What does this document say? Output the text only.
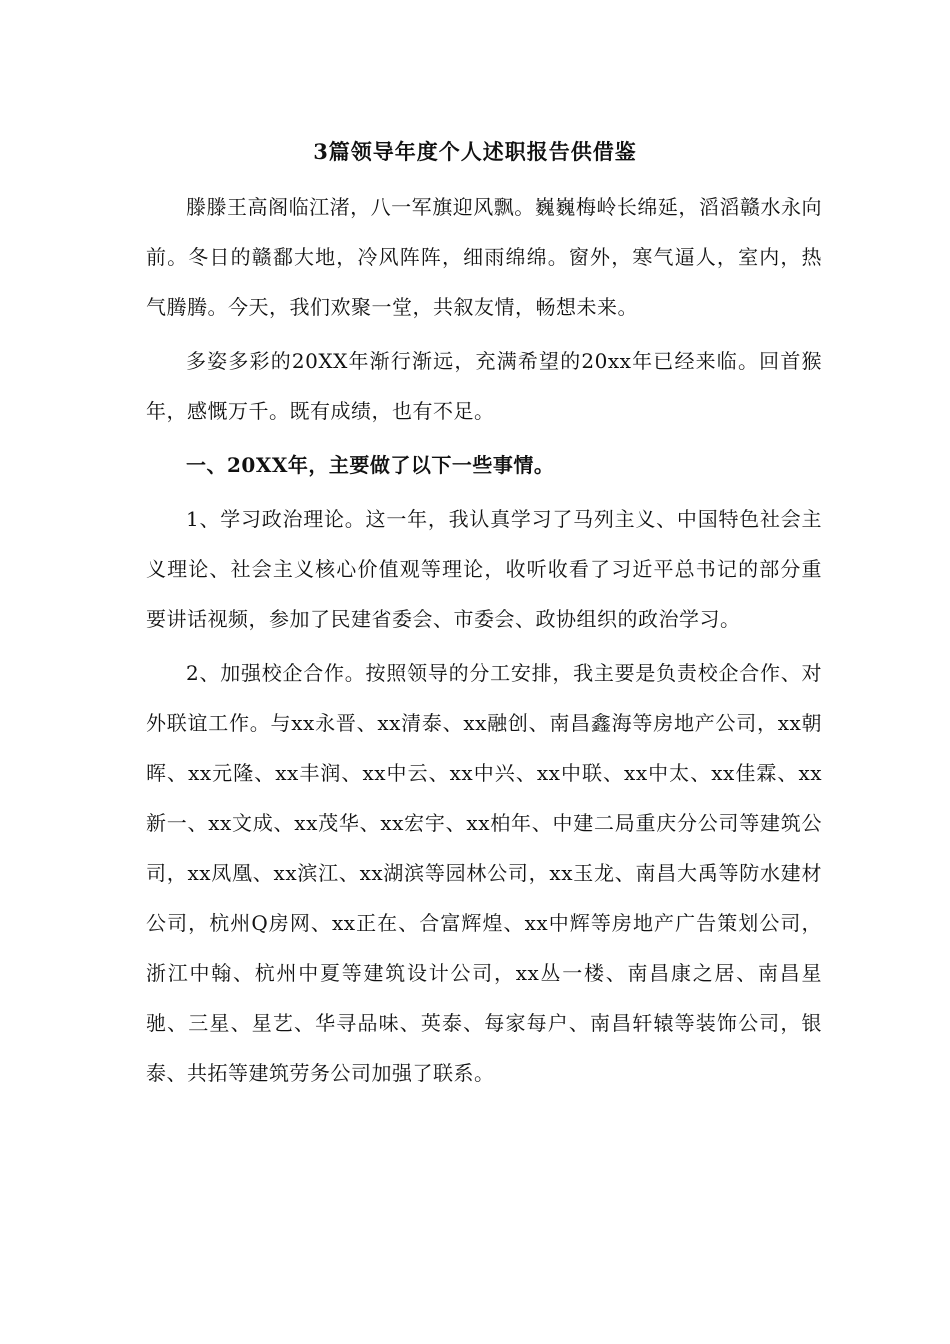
3篇领导年度个人述职报告供借鉴

滕滕王高阁临江渚，八一军旗迎风飘。巍巍梅岭长绵延，滔滔赣水永向前。冬日的赣鄱大地，冷风阵阵，细雨绵绵。窗外，寒气逼人，室内，热气腾腾。今天，我们欢聚一堂，共叙友情，畅想未来。

多姿多彩的20XX年渐行渐远，充满希望的20xx年已经来临。回首猴年，感慨万千。既有成绩，也有不足。

一、20XX年，主要做了以下一些事情。

1、学习政治理论。这一年，我认真学习了马列主义、中国特色社会主义理论、社会主义核心价值观等理论，收听收看了习近平总书记的部分重要讲话视频，参加了民建省委会、市委会、政协组织的政治学习。

2、加强校企合作。按照领导的分工安排，我主要是负责校企合作、对外联谊工作。与xx永晋、xx清泰、xx融创、南昌鑫海等房地产公司，xx朝晖、xx元隆、xx丰润、xx中云、xx中兴、xx中联、xx中太、xx佳霖、xx新一、xx文成、xx茂华、xx宏宇、xx柏年、中建二局重庆分公司等建筑公司，xx凤凰、xx滨江、xx湖滨等园林公司，xx玉龙、南昌大禹等防水建材公司，杭州Q房网、xx正在、合富辉煌、xx中辉等房地产广告策划公司，浙江中翰、杭州中夏等建筑设计公司，xx丛一楼、南昌康之居、南昌星驰、三星、星艺、华寻品味、英泰、每家每户、南昌轩辕等装饰公司，银泰、共拓等建筑劳务公司加强了联系。
